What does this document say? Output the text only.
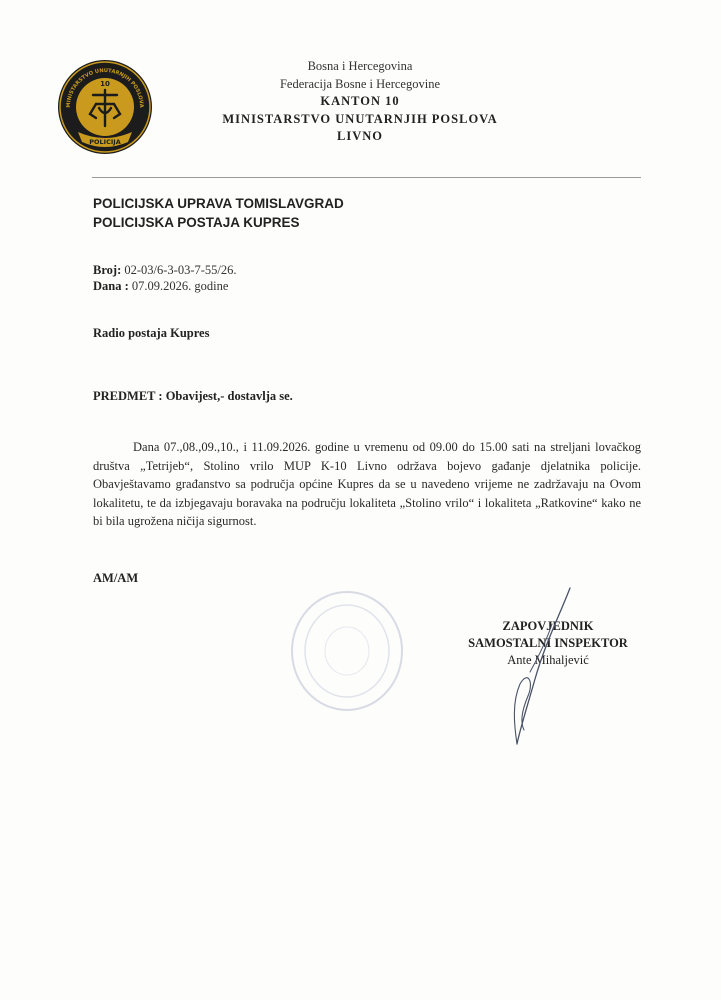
MINISTARSTVO UNUTARNJIH POSLOVA
10
POLICIJA
Bosna i Hercegovina
Federacija Bosne i Hercegovine
KANTON 10
MINISTARSTVO UNUTARNJIH POSLOVA
LIVNO
POLICIJSKA UPRAVA TOMISLAVGRAD
POLICIJSKA POSTAJA KUPRES
Broj: 02-03/6-3-03-7-55/26.
Dana : 07.09.2026. godine
Radio postaja Kupres
PREDMET : Obavijest,- dostavlja se.
Dana 07.,08.,09.,10., i 11.09.2026. godine u vremenu od 09.00 do 15.00 sati na streljani lovačkog društva „Tetrijeb“, Stolino vrilo MUP K-10 Livno održava bojevo gađanje djelatnika policije. Obavještavamo građanstvo sa područja općine Kupres da se u navedeno vrijeme ne zadržavaju na Ovom lokalitetu, te da izbjegavaju boravaka na području lokaliteta „Stolino vrilo“ i lokaliteta „Ratkovine“ kako ne bi bila ugrožena ničija sigurnost.
AM/AM
ZAPOVJEDNIK
SAMOSTALNI INSPEKTOR
Ante Mihaljević
